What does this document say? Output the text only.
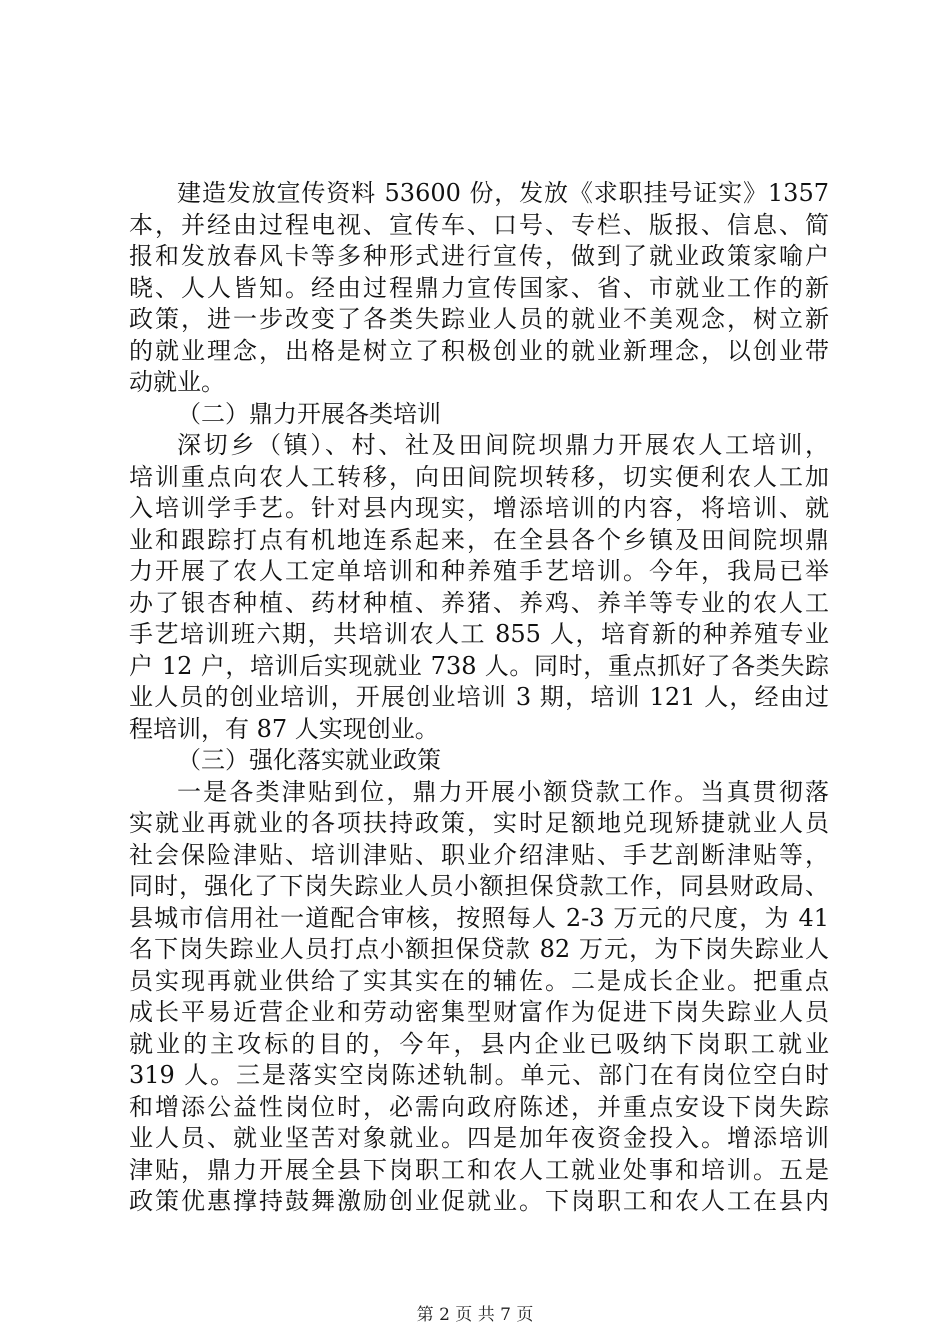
建造发放宣传资料 53600 份，发放《求职挂号证实》1357
本，并经由过程电视、宣传车、口号、专栏、版报、信息、简
报和发放春风卡等多种形式进行宣传，做到了就业政策家喻户
晓、人人皆知。经由过程鼎力宣传国家、省、市就业工作的新
政策，进一步改变了各类失踪业人员的就业不美观念，树立新
的就业理念，出格是树立了积极创业的就业新理念，以创业带
动就业。
（二）鼎力开展各类培训
深切乡（镇）、村、社及田间院坝鼎力开展农人工培训，
培训重点向农人工转移，向田间院坝转移，切实便利农人工加
入培训学手艺。针对县内现实，增添培训的内容，将培训、就
业和跟踪打点有机地连系起来，在全县各个乡镇及田间院坝鼎
力开展了农人工定单培训和种养殖手艺培训。今年，我局已举
办了银杏种植、药材种植、养猪、养鸡、养羊等专业的农人工
手艺培训班六期，共培训农人工 855 人，培育新的种养殖专业
户 12 户，培训后实现就业 738 人。同时，重点抓好了各类失踪
业人员的创业培训，开展创业培训 3 期，培训 121 人，经由过
程培训，有 87 人实现创业。
（三）强化落实就业政策
一是各类津贴到位，鼎力开展小额贷款工作。当真贯彻落
实就业再就业的各项扶持政策，实时足额地兑现矫捷就业人员
社会保险津贴、培训津贴、职业介绍津贴、手艺剖断津贴等，
同时，强化了下岗失踪业人员小额担保贷款工作，同县财政局、
县城市信用社一道配合审核，按照每人 2-3 万元的尺度，为 41
名下岗失踪业人员打点小额担保贷款 82 万元，为下岗失踪业人
员实现再就业供给了实其实在的辅佐。二是成长企业。把重点
成长平易近营企业和劳动密集型财富作为促进下岗失踪业人员
就业的主攻标的目的，今年，县内企业已吸纳下岗职工就业
319 人。三是落实空岗陈述轨制。单元、部门在有岗位空白时
和增添公益性岗位时，必需向政府陈述，并重点安设下岗失踪
业人员、就业坚苦对象就业。四是加年夜资金投入。增添培训
津贴，鼎力开展全县下岗职工和农人工就业处事和培训。五是
政策优惠撑持鼓舞激励创业促就业。下岗职工和农人工在县内
第 2 页 共 7 页
